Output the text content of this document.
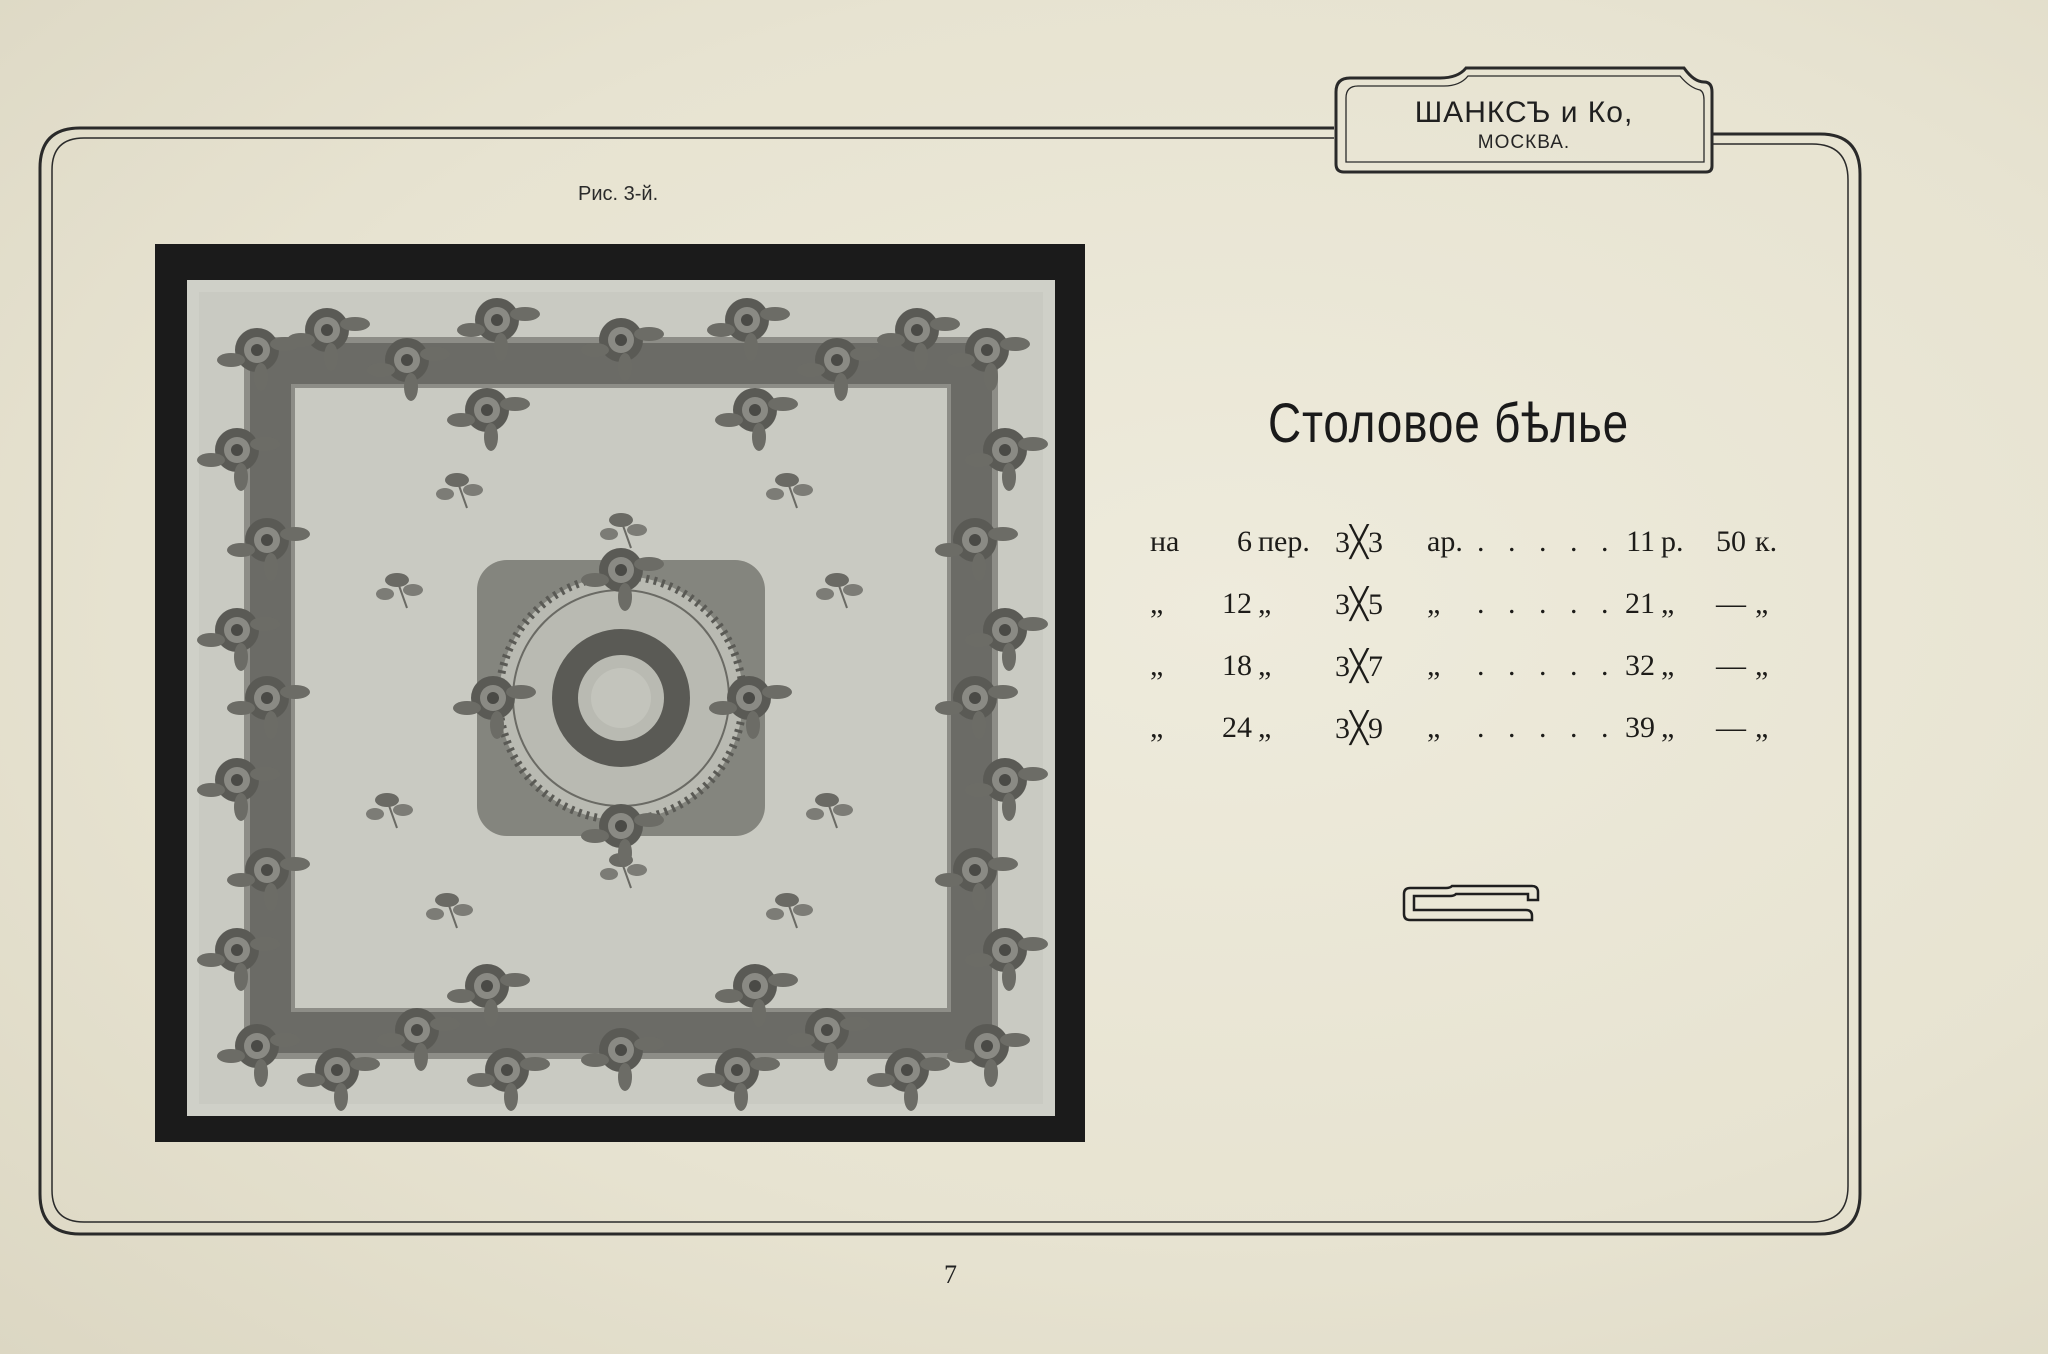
ШАНКСЪ и Ко,
МОСКВА.
Рис. 3-й.
Столовое бѣлье
на	6 пер. 3╳3 ар. . . . . . 11 р.	50 к.
„	12 „ 3╳5 „ . . . . . 21 „	— „
„	18 „ 3╳7 „ . . . . . 32 „	— „
„	24 „ 3╳9 „ . . . . . 39 „	— „
7
